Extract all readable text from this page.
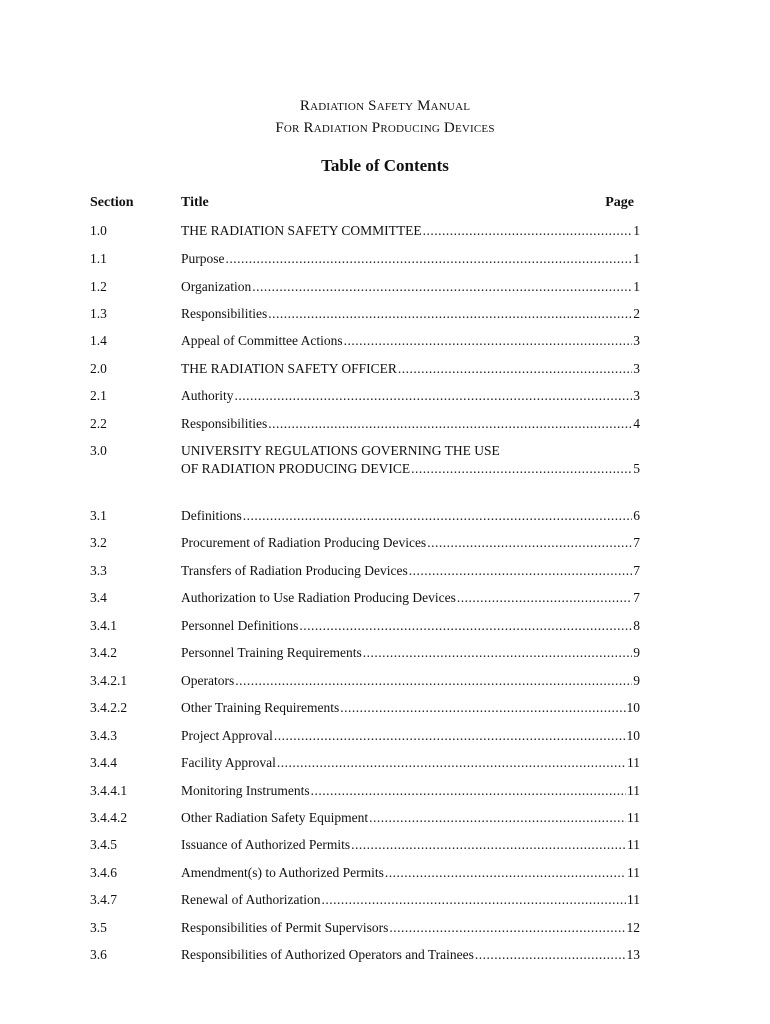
Radiation Safety Manual
For Radiation Producing Devices
Table of Contents
Section	Title	Page
1.0	THE RADIATION SAFETY COMMITTEE .....	1
1.1	Purpose .....	1
1.2	Organization .....	1
1.3	Responsibilities .....	2
1.4	Appeal of Committee Actions .....	3
2.0	THE RADIATION SAFETY OFFICER .....	3
2.1	Authority .....	3
2.2	Responsibilities .....	4
3.0	UNIVERSITY REGULATIONS GOVERNING THE USE
OF RADIATION PRODUCING DEVICE .....	5
3.1	Definitions .....	6
3.2	Procurement of Radiation Producing Devices .....	7
3.3	Transfers of Radiation Producing Devices .....	7
3.4	Authorization to Use Radiation Producing Devices .....	7
3.4.1	Personnel Definitions .....	8
3.4.2	Personnel Training Requirements .....	9
3.4.2.1	Operators .....	9
3.4.2.2	Other Training Requirements .....	10
3.4.3	Project Approval .....	10
3.4.4	Facility Approval .....	11
3.4.4.1	Monitoring Instruments .....	11
3.4.4.2	Other Radiation Safety Equipment .....	11
3.4.5	Issuance of Authorized Permits .....	11
3.4.6	Amendment(s) to Authorized Permits .....	11
3.4.7	Renewal of Authorization .....	11
3.5	Responsibilities of Permit Supervisors .....	12
3.6	Responsibilities of Authorized Operators and Trainees .....	13
